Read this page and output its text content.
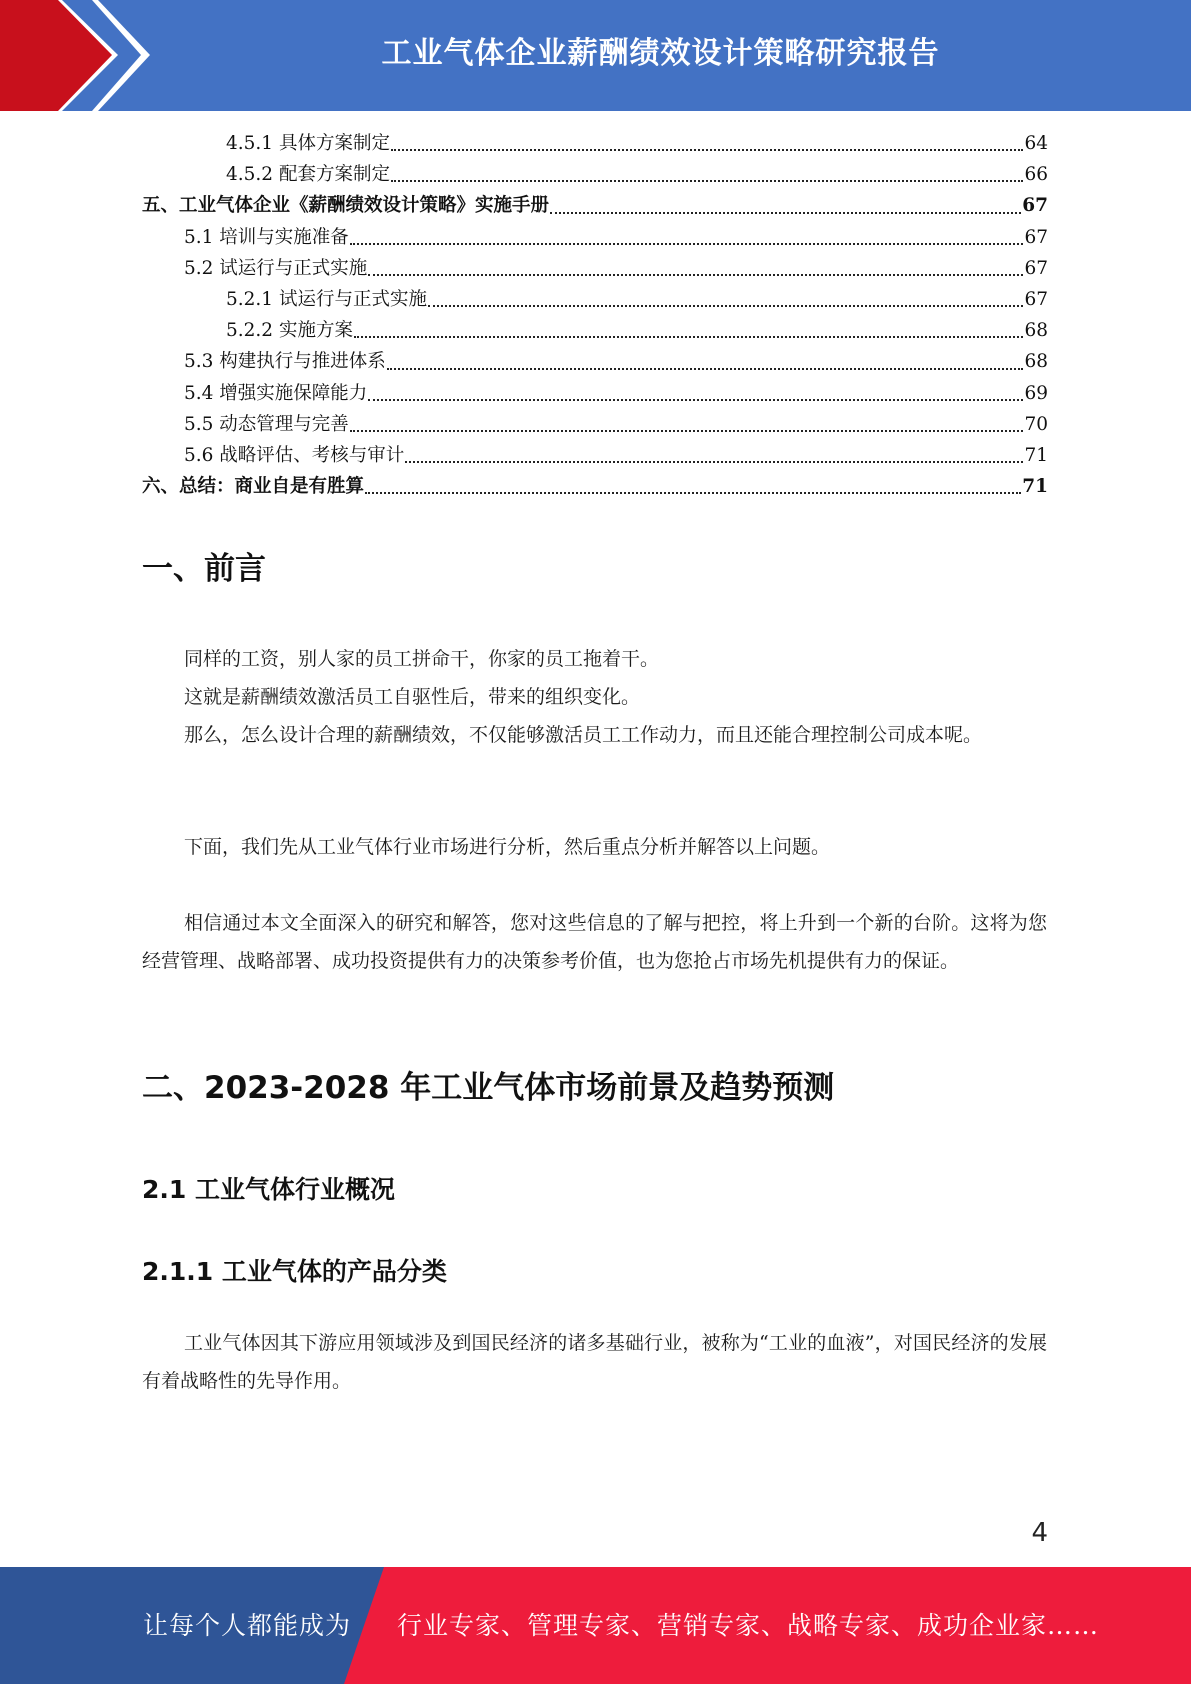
工业气体企业薪酬绩效设计策略研究报告
4.5.1 具体方案制定	64
4.5.2 配套方案制定	66
五、工业气体企业《薪酬绩效设计策略》实施手册	67
5.1 培训与实施准备	67
5.2 试运行与正式实施	67
5.2.1 试运行与正式实施	67
5.2.2 实施方案	68
5.3 构建执行与推进体系	68
5.4 增强实施保障能力	69
5.5 动态管理与完善	70
5.6 战略评估、考核与审计	71
六、总结：商业自是有胜算	71
一、前言

同样的工资，别人家的员工拼命干，你家的员工拖着干。

这就是薪酬绩效激活员工自驱性后，带来的组织变化。

那么，怎么设计合理的薪酬绩效，不仅能够激活员工工作动力，而且还能合理控制公司成本呢。

下面，我们先从工业气体行业市场进行分析，然后重点分析并解答以上问题。

相信通过本文全面深入的研究和解答，您对这些信息的了解与把控，将上升到一个新的台阶。这将为您经营管理、战略部署、成功投资提供有力的决策参考价值，也为您抢占市场先机提供有力的保证。

二、2023-2028 年工业气体市场前景及趋势预测
2.1 工业气体行业概况
2.1.1 工业气体的产品分类

工业气体因其下游应用领域涉及到国民经济的诸多基础行业，被称为“工业的血液”，对国民经济的发展有着战略性的先导作用。

4
让每个人都能成为 行业专家、管理专家、营销专家、战略专家、成功企业家……
